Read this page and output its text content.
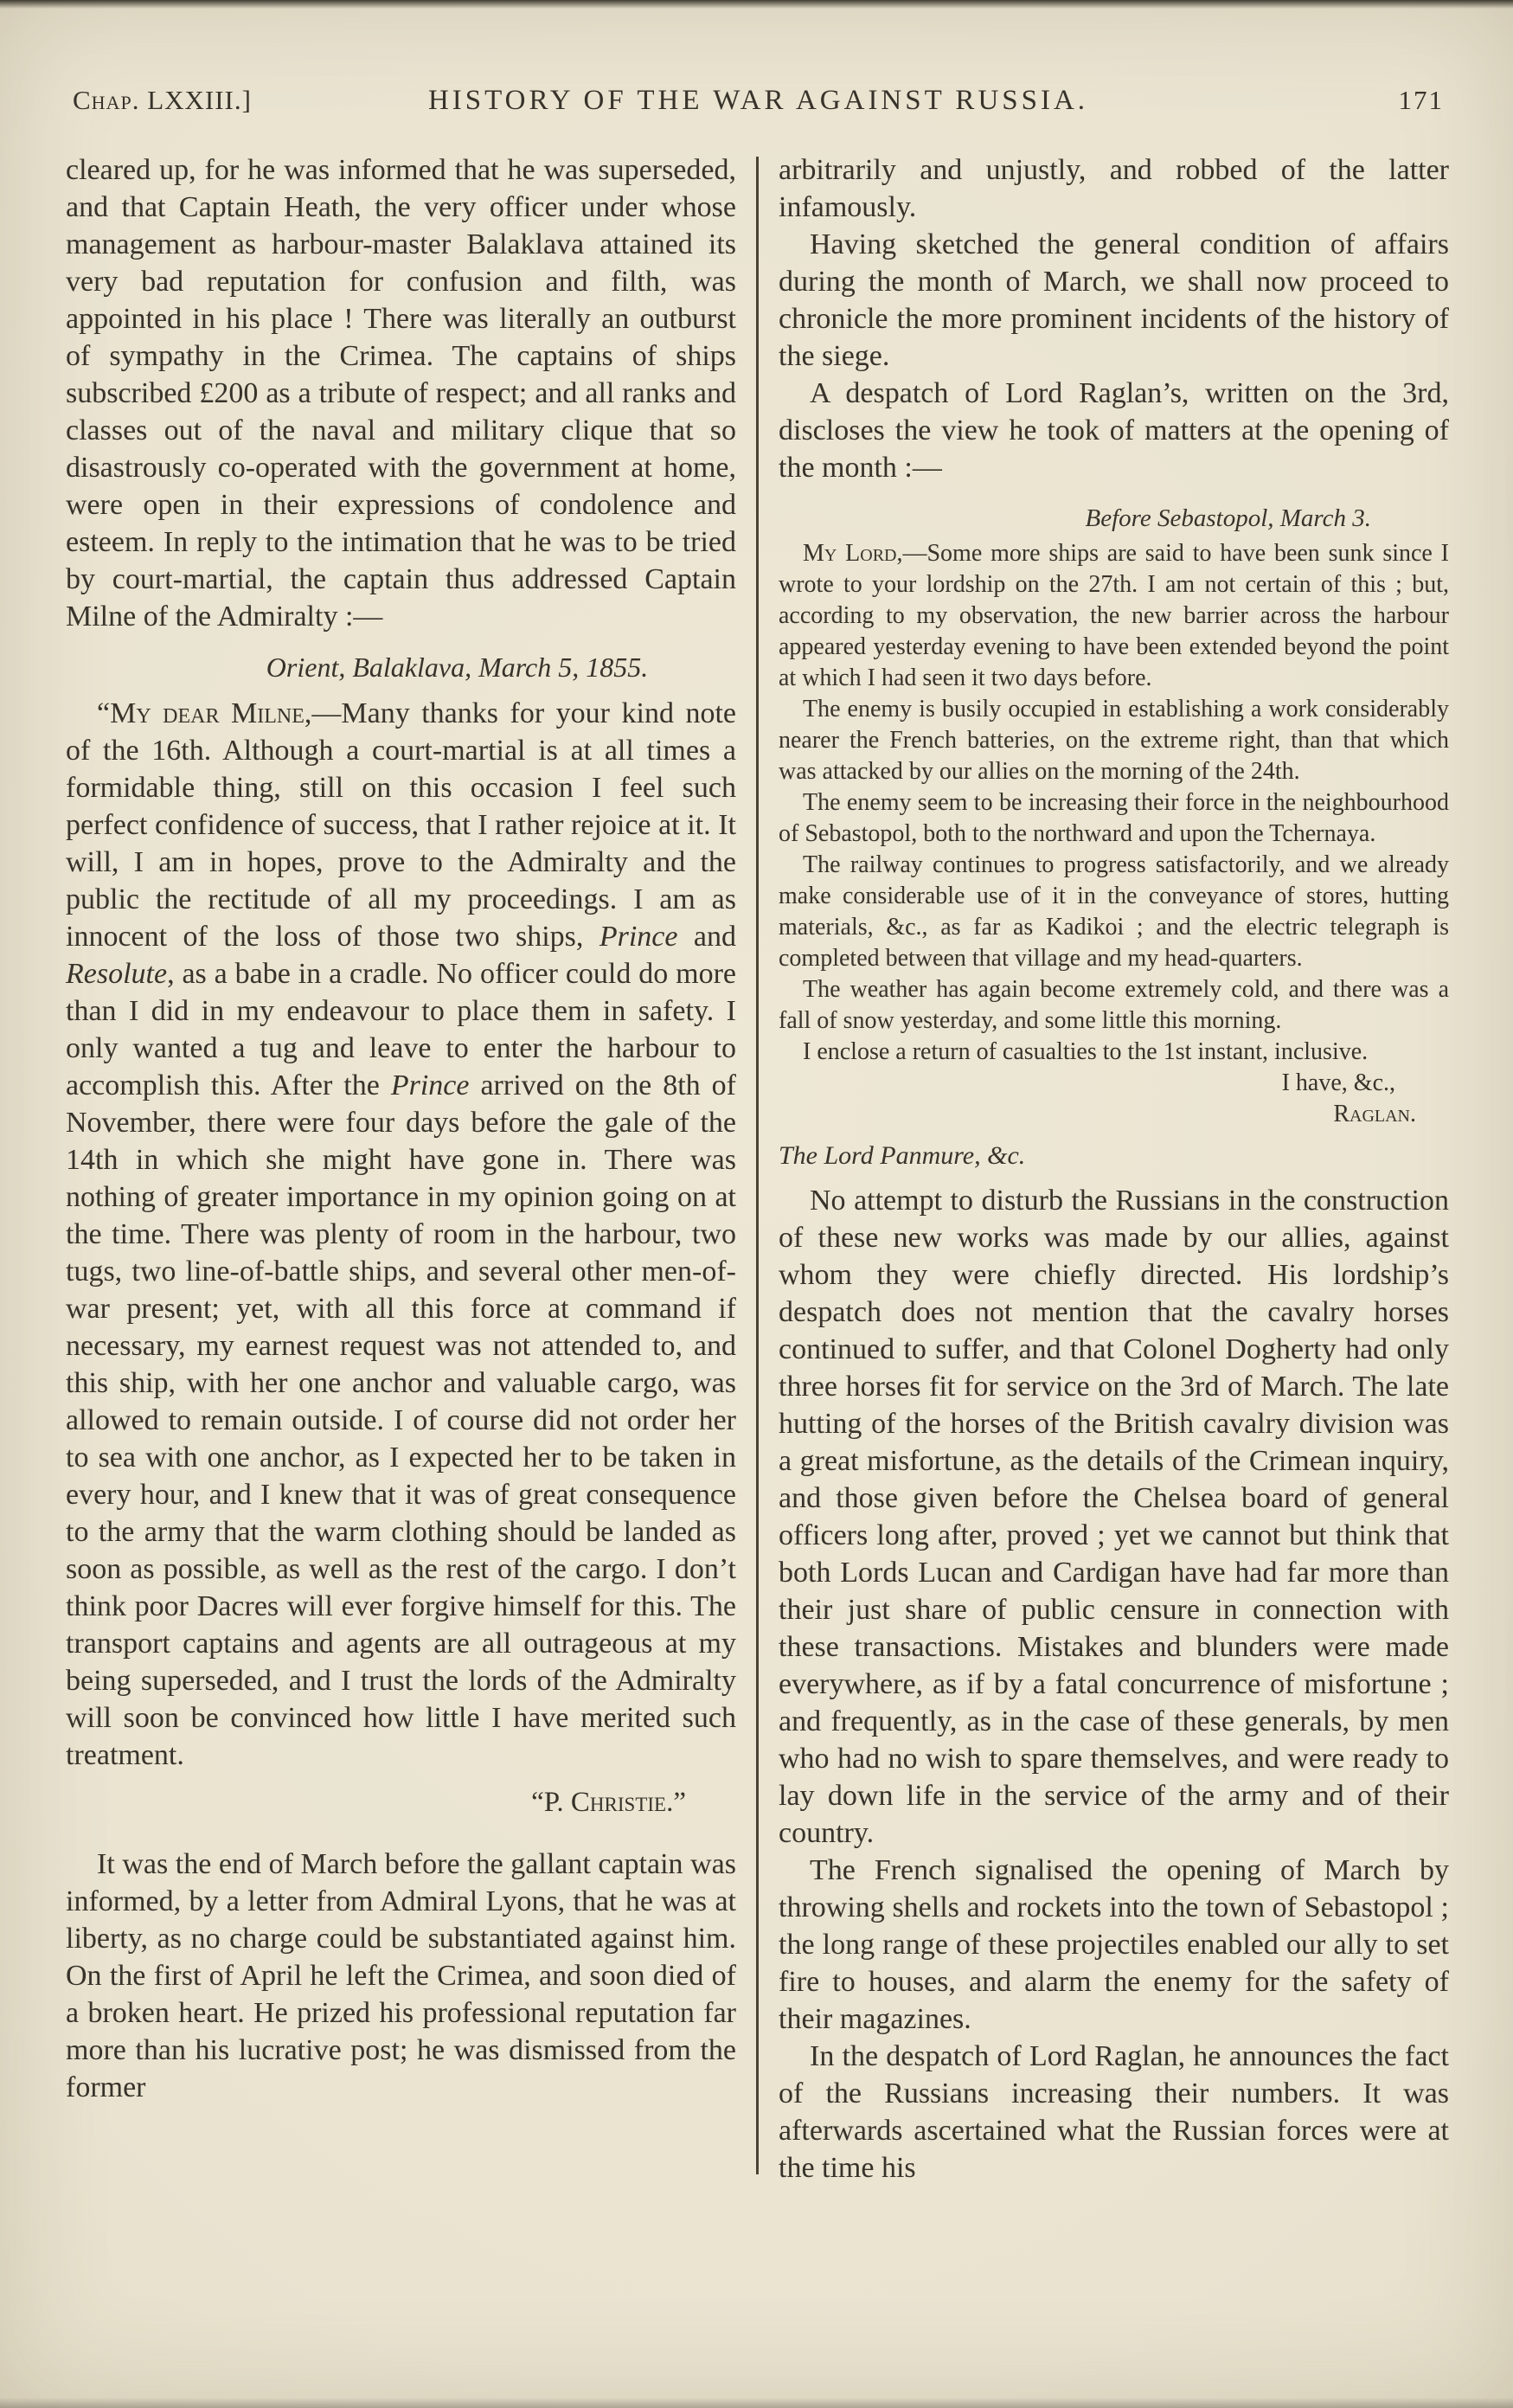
Chap. LXXIII.]	HISTORY OF THE WAR AGAINST RUSSIA.	171

cleared up, for he was informed that he was superseded, and that Captain Heath, the very officer under whose management as harbour-master Balaklava attained its very bad reputation for confusion and filth, was appointed in his place ! There was literally an outburst of sympathy in the Crimea. The captains of ships subscribed £200 as a tribute of respect; and all ranks and classes out of the naval and military clique that so disastrously co-operated with the government at home, were open in their expressions of condolence and esteem. In reply to the intimation that he was to be tried by court-martial, the captain thus addressed Captain Milne of the Admiralty :—

Orient, Balaklava, March 5, 1855.

“My dear Milne,—Many thanks for your kind note of the 16th. Although a court-martial is at all times a formidable thing, still on this occasion I feel such perfect confidence of success, that I rather rejoice at it. It will, I am in hopes, prove to the Admiralty and the public the rectitude of all my proceedings. I am as innocent of the loss of those two ships, Prince and Resolute, as a babe in a cradle. No officer could do more than I did in my endeavour to place them in safety. I only wanted a tug and leave to enter the harbour to accomplish this. After the Prince arrived on the 8th of November, there were four days before the gale of the 14th in which she might have gone in. There was nothing of greater importance in my opinion going on at the time. There was plenty of room in the harbour, two tugs, two line-of-battle ships, and several other men-of-war present; yet, with all this force at command if necessary, my earnest request was not attended to, and this ship, with her one anchor and valuable cargo, was allowed to remain outside. I of course did not order her to sea with one anchor, as I expected her to be taken in every hour, and I knew that it was of great consequence to the army that the warm clothing should be landed as soon as possible, as well as the rest of the cargo. I don’t think poor Dacres will ever forgive himself for this. The transport captains and agents are all outrageous at my being superseded, and I trust the lords of the Admiralty will soon be convinced how little I have merited such treatment.

“P. Christie.”

It was the end of March before the gallant captain was informed, by a letter from Admiral Lyons, that he was at liberty, as no charge could be substantiated against him. On the first of April he left the Crimea, and soon died of a broken heart. He prized his professional reputation far more than his lucrative post; he was dismissed from the former

arbitrarily and unjustly, and robbed of the latter infamously.

Having sketched the general condition of affairs during the month of March, we shall now proceed to chronicle the more prominent incidents of the history of the siege.

A despatch of Lord Raglan’s, written on the 3rd, discloses the view he took of matters at the opening of the month :—

Before Sebastopol, March 3.

My Lord,—Some more ships are said to have been sunk since I wrote to your lordship on the 27th. I am not certain of this ; but, according to my observation, the new barrier across the harbour appeared yesterday evening to have been extended beyond the point at which I had seen it two days before.

The enemy is busily occupied in establishing a work considerably nearer the French batteries, on the extreme right, than that which was attacked by our allies on the morning of the 24th.

The enemy seem to be increasing their force in the neighbourhood of Sebastopol, both to the northward and upon the Tchernaya.

The railway continues to progress satisfactorily, and we already make considerable use of it in the conveyance of stores, hutting materials, &c., as far as Kadikoi ; and the electric telegraph is completed between that village and my head-quarters.

The weather has again become extremely cold, and there was a fall of snow yesterday, and some little this morning.

I enclose a return of casualties to the 1st instant, inclusive.
I have, &c.,

Raglan.

The Lord Panmure, &c.

No attempt to disturb the Russians in the construction of these new works was made by our allies, against whom they were chiefly directed. His lordship’s despatch does not mention that the cavalry horses continued to suffer, and that Colonel Dogherty had only three horses fit for service on the 3rd of March. The late hutting of the horses of the British cavalry division was a great misfortune, as the details of the Crimean inquiry, and those given before the Chelsea board of general officers long after, proved ; yet we cannot but think that both Lords Lucan and Cardigan have had far more than their just share of public censure in connection with these transactions. Mistakes and blunders were made everywhere, as if by a fatal concurrence of misfortune ; and frequently, as in the case of these generals, by men who had no wish to spare themselves, and were ready to lay down life in the service of the army and of their country.

The French signalised the opening of March by throwing shells and rockets into the town of Sebastopol ; the long range of these projectiles enabled our ally to set fire to houses, and alarm the enemy for the safety of their magazines.

In the despatch of Lord Raglan, he announces the fact of the Russians increasing their numbers. It was afterwards ascertained what the Russian forces were at the time his
